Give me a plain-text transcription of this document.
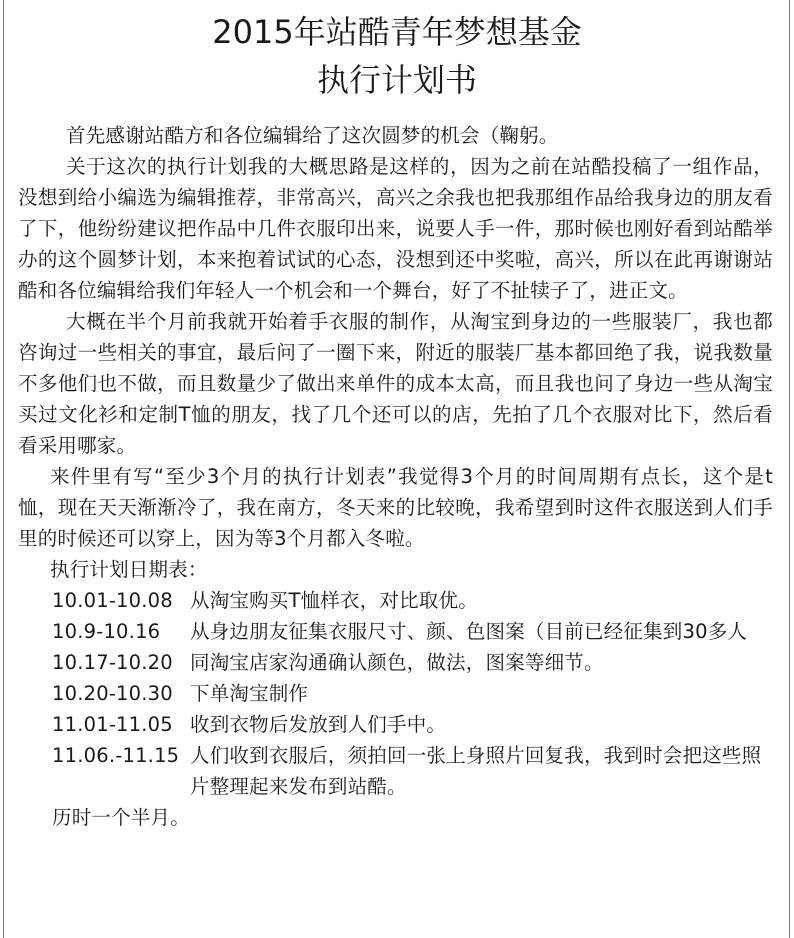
2015年站酷青年梦想基金
执行计划书

首先感谢站酷方和各位编辑给了这次圆梦的机会（鞠躬。

关于这次的执行计划我的大概思路是这样的，因为之前在站酷投稿了一组作品，没想到给小编选为编辑推荐，非常高兴，高兴之余我也把我那组作品给我身边的朋友看了下，他纷纷建议把作品中几件衣服印出来，说要人手一件，那时候也刚好看到站酷举办的这个圆梦计划，本来抱着试试的心态，没想到还中奖啦，高兴，所以在此再谢谢站酷和各位编辑给我们年轻人一个机会和一个舞台，好了不扯犊子了，进正文。

大概在半个月前我就开始着手衣服的制作，从淘宝到身边的一些服装厂，我也都咨询过一些相关的事宜，最后问了一圈下来，附近的服装厂基本都回绝了我，说我数量不多他们也不做，而且数量少了做出来单件的成本太高，而且我也问了身边一些从淘宝买过文化衫和定制T恤的朋友，找了几个还可以的店，先拍了几个衣服对比下，然后看看采用哪家。

来件里有写“至少3个月的执行计划表”我觉得3个月的时间周期有点长，这个是t恤，现在天天渐渐冷了，我在南方，冬天来的比较晚，我希望到时这件衣服送到人们手里的时候还可以穿上，因为等3个月都入冬啦。

执行计划日期表：

10.01-10.08 从淘宝购买T恤样衣，对比取优。
10.9-10.16	从身边朋友征集衣服尺寸、颜、色图案（目前已经征集到30多人
10.17-10.20 同淘宝店家沟通确认颜色，做法，图案等细节。
10.20-10.30 下单淘宝制作
11.01-11.05 收到衣物后发放到人们手中。
11.06.-11.15 人们收到衣服后，须拍回一张上身照片回复我，我到时会把这些照片整理起来发布到站酷。

历时一个半月。
